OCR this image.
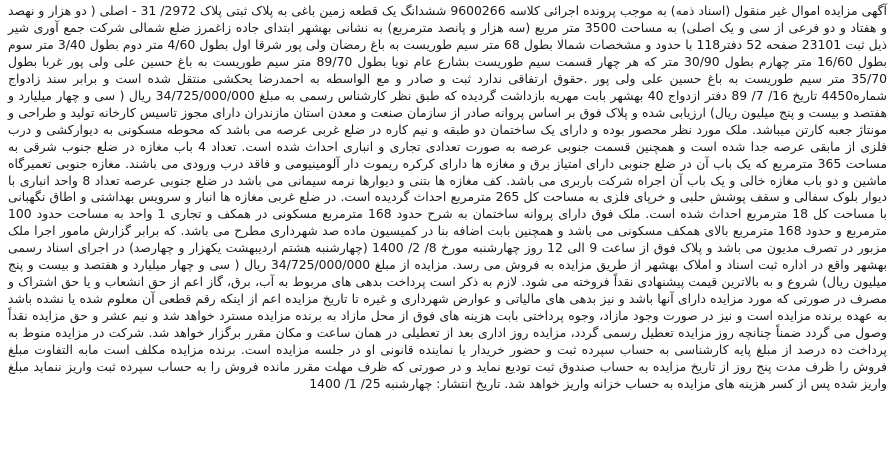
آگهی مزایده اموال غیر منقول (اسناد ذمه) به موجب پرونده اجرائی کلاسه 9600266 ششدانگ یک قطعه زمین باغی به پلاک ثبتی پلاک 2972/ 31 - اصلی ( دو هزار و نهصد و هفتاد و دو فرعی از سی و یک اصلی) به مساحت 3500 متر مربع (سه هزار و پانصد مترمربع) به نشانی بهشهر ابتدای جاده زاغمرز ضلع شمالی شرکت جمع آوری شیر ذیل ثبت 23101 صفحه 52 دفتر118 با حدود و مشخصات شمالا بطول 68 متر سیم طوریست به باغ رمضان ولی پور شرقا اول بطول 4/60 متر دوم بطول 3/40 متر سوم بطول 16/60 متر چهارم بطول 30/90 متر که هر چهار قسمت سیم طوریست بشارع عام نویا بطول 89/70 متر سیم طوریست به باغ حسین علی ولی پور غربا بطول 35/70 متر سیم طوریست به باغ حسین علی ولی پور .حقوق ارتفاقی ندارد ثبت و صادر و مع الواسطه به احمدرضا یحکشی منتقل شده است و برابر سند زادواج شماره4450 تاریخ 16/ 7/ 89 دفتر ازدواج 40 بهشهر بابت مهریه بازداشت گردیده که طبق نظر کارشناس رسمی به مبلغ 34/725/000/000 ریال ( سی و چهار میلیارد و هفتصد و بیست و پنج میلیون ریال) ارزیابی شده و پلاک فوق بر اساس پروانه صادر از سازمان صنعت و معدن استان مازندران دارای مجوز تاسیس کارخانه تولید و طراحی و مونتاژ جعبه کارتن میباشد. ملک مورد نظر محصور بوده و دارای یک ساختمان دو طبقه و نیم کاره در ضلع غربی عرصه می باشد که محوطه مسکونی به دیوارکشی و درب فلزی از مابقی عرصه جدا شده است و همچنین قسمت جنوبی عرصه به صورت تعدادی تجاری و انباری احداث شده است. تعداد 4 باب مغازه در ضلع جنوب شرقی به مساحت 365 مترمربع که یک باب آن در ضلع جنوبی دارای امتیاز برق و مغازه ها دارای کرکره ریموت دار آلومینیومی و فاقد درب ورودی می باشند. مغازه جنوبی تعمیرگاه ماشین و دو باب مغازه خالی و یک باب آن اجراه شرکت باربری می باشد. کف مغازه ها بتنی و دیوارها نرمه سیمانی می باشد در ضلع جنوبی عرصه تعداد 8 واحد انباری با دیوار بلوک سفالی و سقف پوشش حلبی و خرپای فلزی به مساحت کل 265 مترمربع احداث گردیده است. در ضلع غربی مغازه ها انبار و سرویس بهداشتی و اطاق نگهبانی با مساحت کل 18 مترمربع احداث شده است. ملک فوق دارای پروانه ساختمان به شرح حدود 168 مترمربع مسکونی در همکف و تجاری 1 واحد به مساحت حدود 100 مترمربع و حدود 168 مترمربع بالای همکف مسکونی می باشد و همچنین بابت اضافه بنا در کمیسیون ماده صد شهرداری مطرح می باشد. که برابر گزارش مامور اجرا ملک مزبور در تصرف مدیون می باشد و پلاک فوق از ساعت 9 الی 12 روز چهارشنبه مورخ 8/ 2/ 1400 (چهارشنبه هشتم اردیبهشت یکهزار و چهارصد) در اجرای اسناد رسمی بهشهر واقع در اداره ثبت اسناد و املاک بهشهر از طریق مزایده به فروش می رسد. مزایده از مبلغ 34/725/000/000 ریال ( سی و چهار میلیارد و هفتصد و بیست و پنج میلیون ریال) شروع و به بالاترین قیمت پیشنهادی نقداً فروخته می شود. لازم به ذکر است پرداخت بدهی های مربوط به آب، برق، گاز اعم از حق انشعاب و یا حق اشتراک و مصرف در صورتی که مورد مزایده دارای آنها باشد و نیز بدهی های مالیاتی و عوارض شهرداری و غیره تا تاریخ مزایده اعم از اینکه رقم قطعی آن معلوم شده یا نشده باشد به عهده برنده مزایده است و نیز در صورت وجود مازاد، وجوه پرداختی بابت هزینه های فوق از محل مازاد به برنده مزایده مسترد خواهد شد و نیم عشر و حق مزایده نقداً وصول می گردد ضمناً چنانچه روز مزایده تعطیل رسمی گردد، مزایده روز اداری بعد از تعطیلی در همان ساعت و مکان مقرر برگزار خواهد شد. شرکت در مزایده منوط به پرداخت ده درصد از مبلغ پایه کارشناسی به حساب سپرده ثبت و حضور خریدار یا نماینده قانونی او در جلسه مزایده است. برنده مزایده مکلف است مابه التفاوت مبلغ فروش را ظرف مدت پنج روز از تاریخ مزایده به حساب صندوق ثبت تودیع نماید و در صورتی که ظرف مهلت مقرر مانده فروش را به حساب سپرده ثبت واریز ننماید مبلغ واریز شده پس از کسر هزینه های مزایده به حساب خزانه واریز خواهد شد. تاریخ انتشار: چهارشنبه 25/ 1/ 1400
